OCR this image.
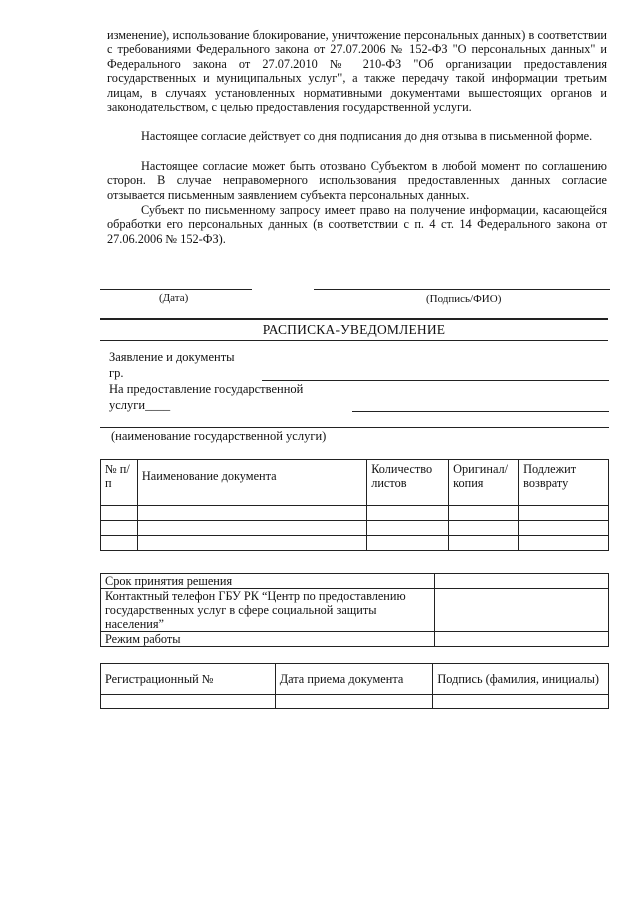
изменение), использование блокирование, уничтожение персональных данных) в соответствии с требованиями Федерального закона от 27.07.2006 № 152-ФЗ "О персональных данных" и Федерального закона от 27.07.2010 № 210-ФЗ "Об организации предоставления государственных и муниципальных услуг", а также передачу такой информации третьим лицам, в случаях установленных нормативными документами вышестоящих органов и законодательством, с целью предоставления государственной услуги.

Настоящее согласие действует со дня подписания до дня отзыва в письменной форме.

Настоящее согласие может быть отозвано Субъектом в любой момент по соглашению сторон. В случае неправомерного использования предоставленных данных согласие отзывается письменным заявлением субъекта персональных данных.

Субъект по письменному запросу имеет право на получение информации, касающейся обработки его персональных данных (в соответствии с п. 4 ст. 14 Федерального закона от 27.06.2006 № 152-ФЗ).

(Дата)	(Подпись/ФИО)
РАСПИСКА-УВЕДОМЛЕНИЕ
Заявление и документы
гр.
На предоставление государственной
услуги____
(наименование государственной услуги)
№ п/п	Наименование документа	Количество листов	Оригинал/ копия	Подлежит возврату

Срок принятия решения	
Контактный телефон ГБУ РК “Центр по предоставлению государственных услуг в сфере социальной защиты населения”	
Режим работы	
Регистрационный №	Дата приема документа	Подпись (фамилия, инициалы)
